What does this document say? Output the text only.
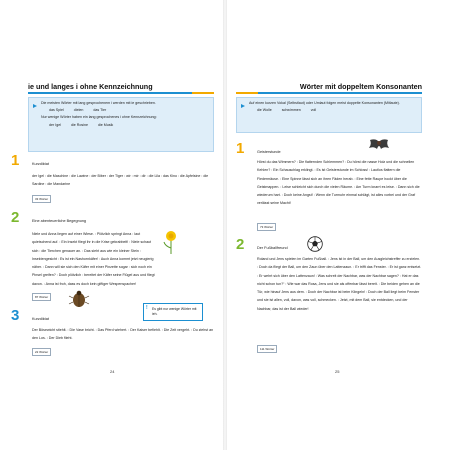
ie und langes i ohne Kennzeichnung
Die meisten Wörter mit lang gesprochenem i werden mit ie geschrieben.
das Spiel	dielen	das Tier
Nur wenige Wörter haben ein lang gesprochenes i ohne Kennzeichnung:
der Igel	die Rosine	die Musik
1	Kurzdiktat
der Igel : die Maschine : die Lawine : der Biber : der Tiger : wir : mir : dir : die Lila : das Kino : die Apfelsine : die Sardine : die Mandarine
33 Wörter
2	Eine abenteuerliche Begegnung
Niele und Anna liegen auf einer Wiese. : Plötzlich springt Anna : laut quietschend auf. : Ein Insekt fliegt ihr in die Krise gekrabbelt! : Niele schaut sich : die Tierchen genauer an. : Das sieht aus wie ein kleiner Stein : Insektengesicht : Es ist ein Nashornkäfer! : Auch Anna kommt jetzt neugierig näher. : Dann will sie sich den Käfer mit einer Pinzette sogar : sich noch ein Pinsel greifen? : Doch plötzlich : bereitet der Käfer seine Flügel aus und fliegt davon. : Anna ist froh, dass es doch kein giftiger Wespenspacher!
87 Wörter
! Es gibt nur wenige Wörter mit ieh.
3	Kurzdiktat
Der Bösewicht stiehlt. : Die Vase bricht. : Das Pferd wiehert. : Der Kaiser befiehlt. : Die Zeit vergeht. : Du ziehst an den Los. : Der Dieb flieht.
22 Wörter
24
Wörter mit doppeltem Konsonanten
Auf einen kurzen Vokal (Selbstlaut) oder Umlaut folgen meist doppelte Konsonanten (Mitlaute).
die Wolle	schwimmen	voll
1	Geisterstunde
Hörst du das Wimmern? : Die flatternden Schlemmen? : Du hörst die nasse Holz und die schnellen Kehlen? : Ein Schauschlag erklingt. : Es ist Geisterstunde im Schloss! : Lautlos flattern die Fledermäuse. : Eine Spinne lässt sich an ihren Fäden herab. : Eine fette Raupe hockt über die Geistmappen. : Leise schleicht sich durch die vielen Räume. : Am Turm knarrt es leise. : Dann sich die wiederum hart. : Doch keine Angst! : Wenn die Turmuhr einmal schlägt, ist alles vorbei und der Graf verlässt seine Macht!
73 Wörter
2	Der Fußballfreund
Roland und Jens spielen im Garten Fußball. : Jens ist in der Ball, um den Ausgleichstreffer zu erzielen. : Doch da fliegt der Ball, um den Zaun über den Lattenzaun. : Er trifft das Fenster. : Er ist ganz entsetzt. : Er wehrt sich über den Lattenzaun! : Was schreit der Nachbar, was der Nachbar sagen? : Hat er das nicht schon tun?“ : Wie war das Rosa, Jens und sie als offenbar lässt bereit. : Die beiden gehen an die Tür, wie hinauf Jens aus dem. : Doch der Nachbar ist beim Klingeln! : Doch der Ball liegt beim Fenster und sie ist allen, voll, davon, was voll, schmecken. : Jetzt, mit dem Ball, sie entdecken, und der Nachbar, das ist der Ball wieder!
111 Wörter
25
